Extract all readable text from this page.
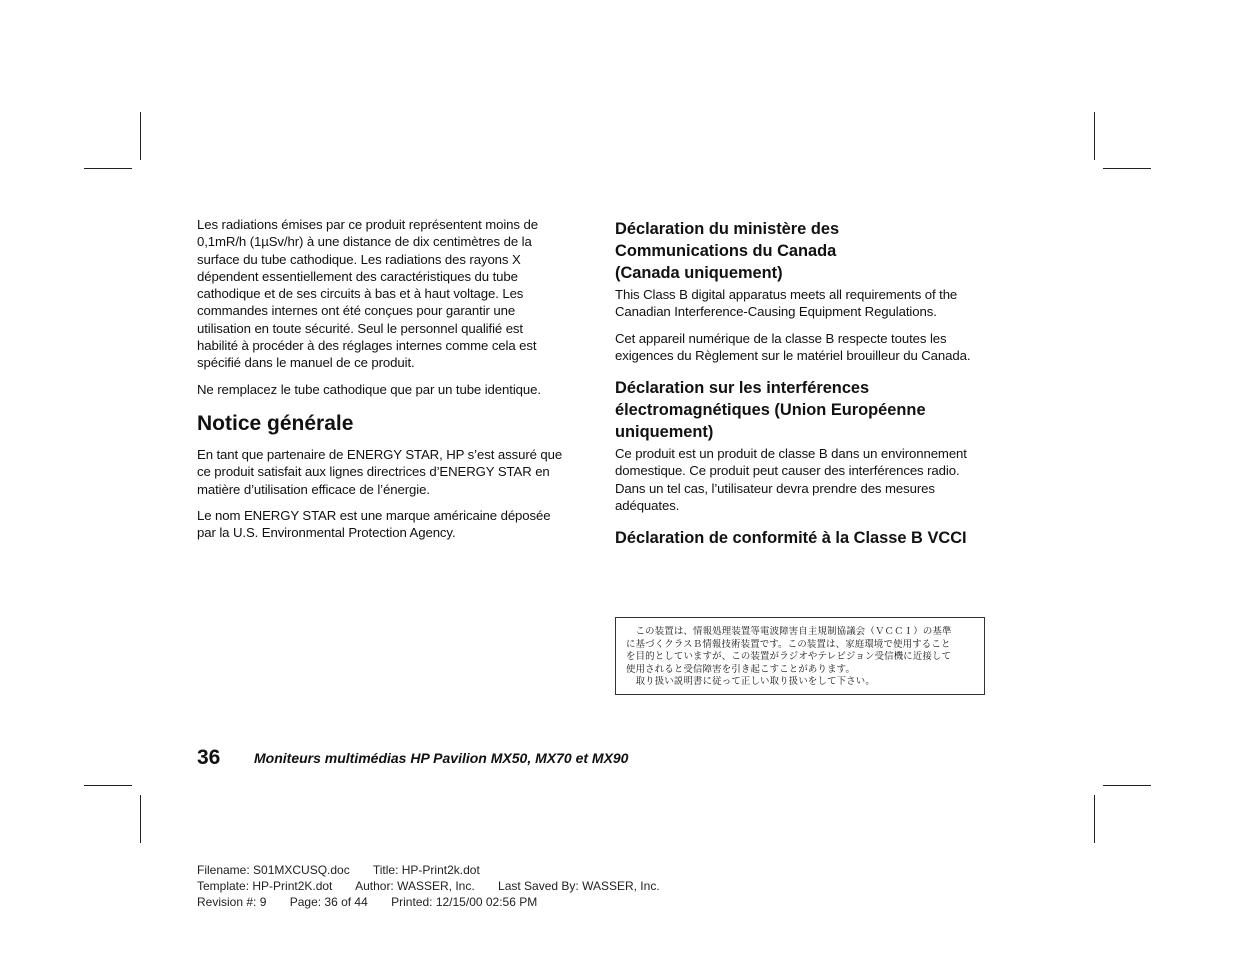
Les radiations émises par ce produit représentent moins de 0,1mR/h (1µSv/hr) à une distance de dix centimètres de la surface du tube cathodique. Les radiations des rayons X dépendent essentiellement des caractéristiques du tube cathodique et de ses circuits à bas et à haut voltage. Les commandes internes ont été conçues pour garantir une utilisation en toute sécurité. Seul le personnel qualifié est habilité à procéder à des réglages internes comme cela est spécifié dans le manuel de ce produit.

Ne remplacez le tube cathodique que par un tube identique.

Notice générale

En tant que partenaire de ENERGY STAR, HP s’est assuré que ce produit satisfait aux lignes directrices d’ENERGY STAR en matière d’utilisation efficace de l’énergie.

Le nom ENERGY STAR est une marque américaine déposée par la U.S. Environmental Protection Agency.

Déclaration du ministère des
Communications du Canada
(Canada uniquement)

This Class B digital apparatus meets all requirements of the Canadian Interference-Causing Equipment Regulations.

Cet appareil numérique de la classe B respecte toutes les exigences du Règlement sur le matériel brouilleur du Canada.

Déclaration sur les interférences électromagnétiques (Union Européenne uniquement)

Ce produit est un produit de classe B dans un environnement domestique. Ce produit peut causer des interférences radio. Dans un tel cas, l’utilisateur devra prendre des mesures adéquates.

Déclaration de conformité à la Classe B VCCI
　この装置は、情報処理装置等電波障害自主規制協議会（ＶＣＣＩ）の基準
に基づくクラスＢ情報技術装置です。この装置は、家庭環境で使用すること
を目的としていますが、この装置がラジオやテレビジョン受信機に近接して
使用されると受信障害を引き起こすことがあります。
　取り扱い説明書に従って正しい取り扱いをして下さい。
36 Moniteurs multimédias HP Pavilion MX50, MX70 et MX90
Filename: S01MXCUSQ.doc Title: HP-Print2k.dot
Template: HP-Print2K.dot Author: WASSER, Inc. Last Saved By: WASSER, Inc.
Revision #: 9 Page: 36 of 44 Printed: 12/15/00 02:56 PM
